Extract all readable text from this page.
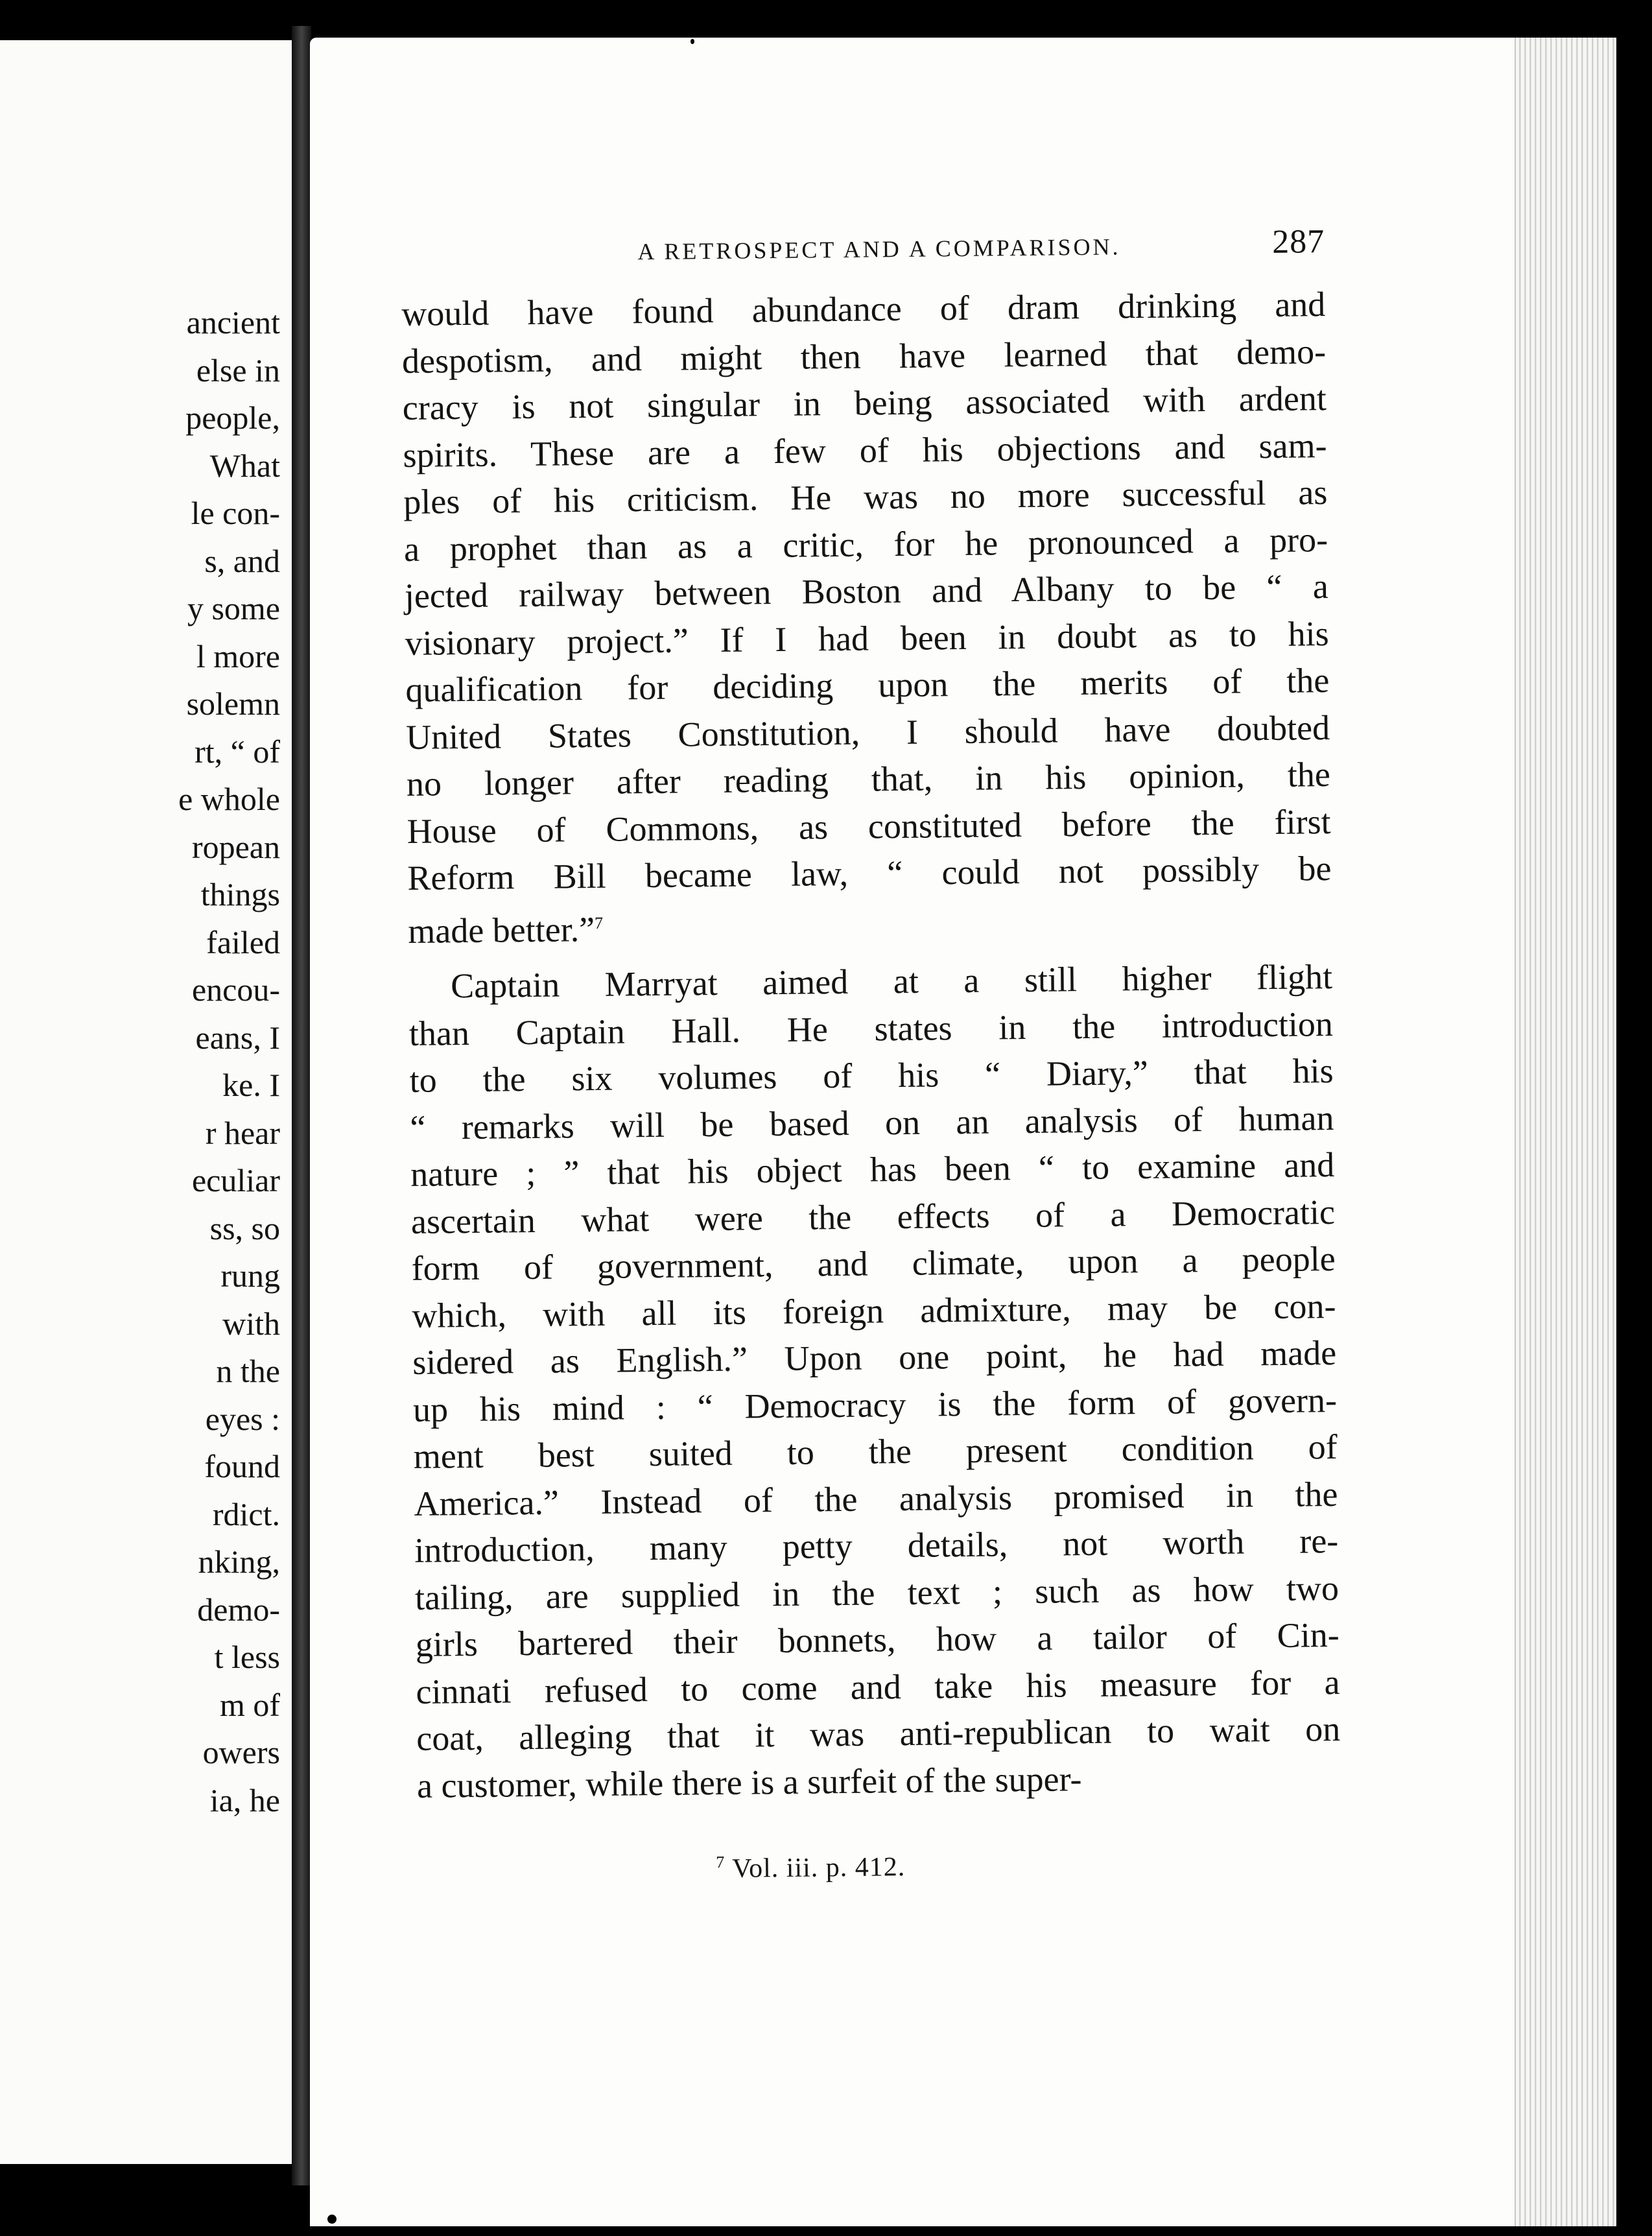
ancient
else in
people,
What
le con-
s, and
y some
l more
solemn
rt, “ of
e whole
ropean
things
failed
encou-
eans, I
ke. I
r hear
eculiar
ss, so
rung
with
n the
eyes :
found
rdict.
nking,
demo-
t less
m of
owers
ia, he
A RETROSPECT AND A COMPARISON.	287
would have found abundance of dram drinking and
despotism, and might then have learned that demo-
cracy is not singular in being associated with ardent
spirits. These are a few of his objections and sam-
ples of his criticism. He was no more successful as
a prophet than as a critic, for he pronounced a pro-
jected railway between Boston and Albany to be “ a
visionary project.” If I had been in doubt as to his
qualification for deciding upon the merits of the
United States Constitution, I should have doubted
no longer after reading that, in his opinion, the
House of Commons, as constituted before the first
Reform Bill became law, “ could not possibly be
made better.”$^7$
Captain Marryat aimed at a still higher flight
than Captain Hall. He states in the introduction
to the six volumes of his “ Diary,” that his
“ remarks will be based on an analysis of human
nature ; ” that his object has been “ to examine and
ascertain what were the effects of a Democratic
form of government, and climate, upon a people
which, with all its foreign admixture, may be con-
sidered as English.” Upon one point, he had made
up his mind : “ Democracy is the form of govern-
ment best suited to the present condition of
America.” Instead of the analysis promised in the
introduction, many petty details, not worth re-
tailing, are supplied in the text ; such as how two
girls bartered their bonnets, how a tailor of Cin-
cinnati refused to come and take his measure for a
coat, alleging that it was anti-republican to wait on
a customer, while there is a surfeit of the super-
$^7$ Vol. iii. p. 412.
